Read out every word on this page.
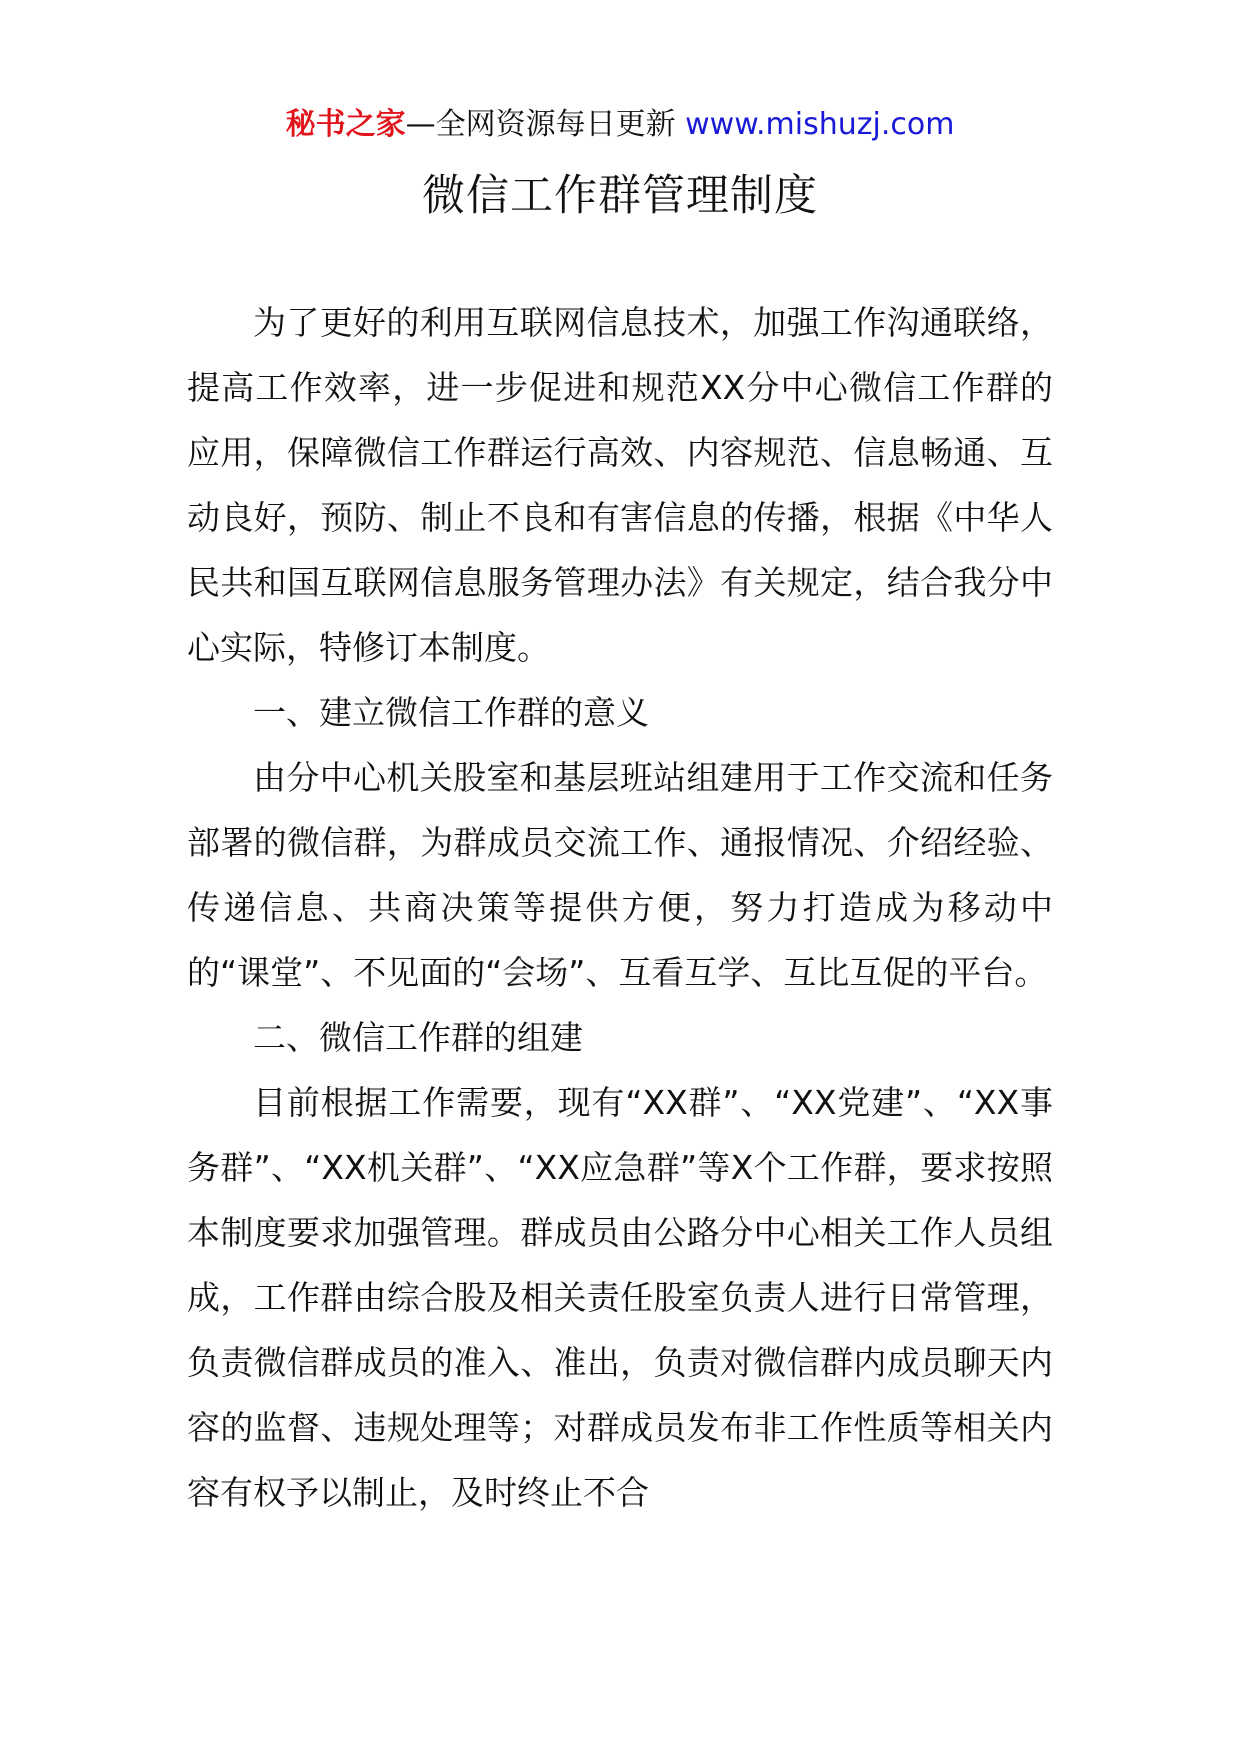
秘书之家—全网资源每日更新 www.mishuzj.com
微信工作群管理制度

为了更好的利用互联网信息技术，加强工作沟通联络，提高工作效率，进一步促进和规范XX分中心微信工作群的应用，保障微信工作群运行高效、内容规范、信息畅通、互动良好，预防、制止不良和有害信息的传播，根据《中华人民共和国互联网信息服务管理办法》有关规定，结合我分中心实际，特修订本制度。

一、建立微信工作群的意义

由分中心机关股室和基层班站组建用于工作交流和任务部署的微信群，为群成员交流工作、通报情况、介绍经验、传递信息、共商决策等提供方便，努力打造成为移动中的“课堂”、不见面的“会场”、互看互学、互比互促的平台。

二、微信工作群的组建

目前根据工作需要，现有“XX群”、“XX党建”、“XX事务群”、“XX机关群”、“XX应急群”等X个工作群，要求按照本制度要求加强管理。群成员由公路分中心相关工作人员组成，工作群由综合股及相关责任股室负责人进行日常管理，负责微信群成员的准入、准出，负责对微信群内成员聊天内容的监督、违规处理等；对群成员发布非工作性质等相关内容有权予以制止，及时终止不合
